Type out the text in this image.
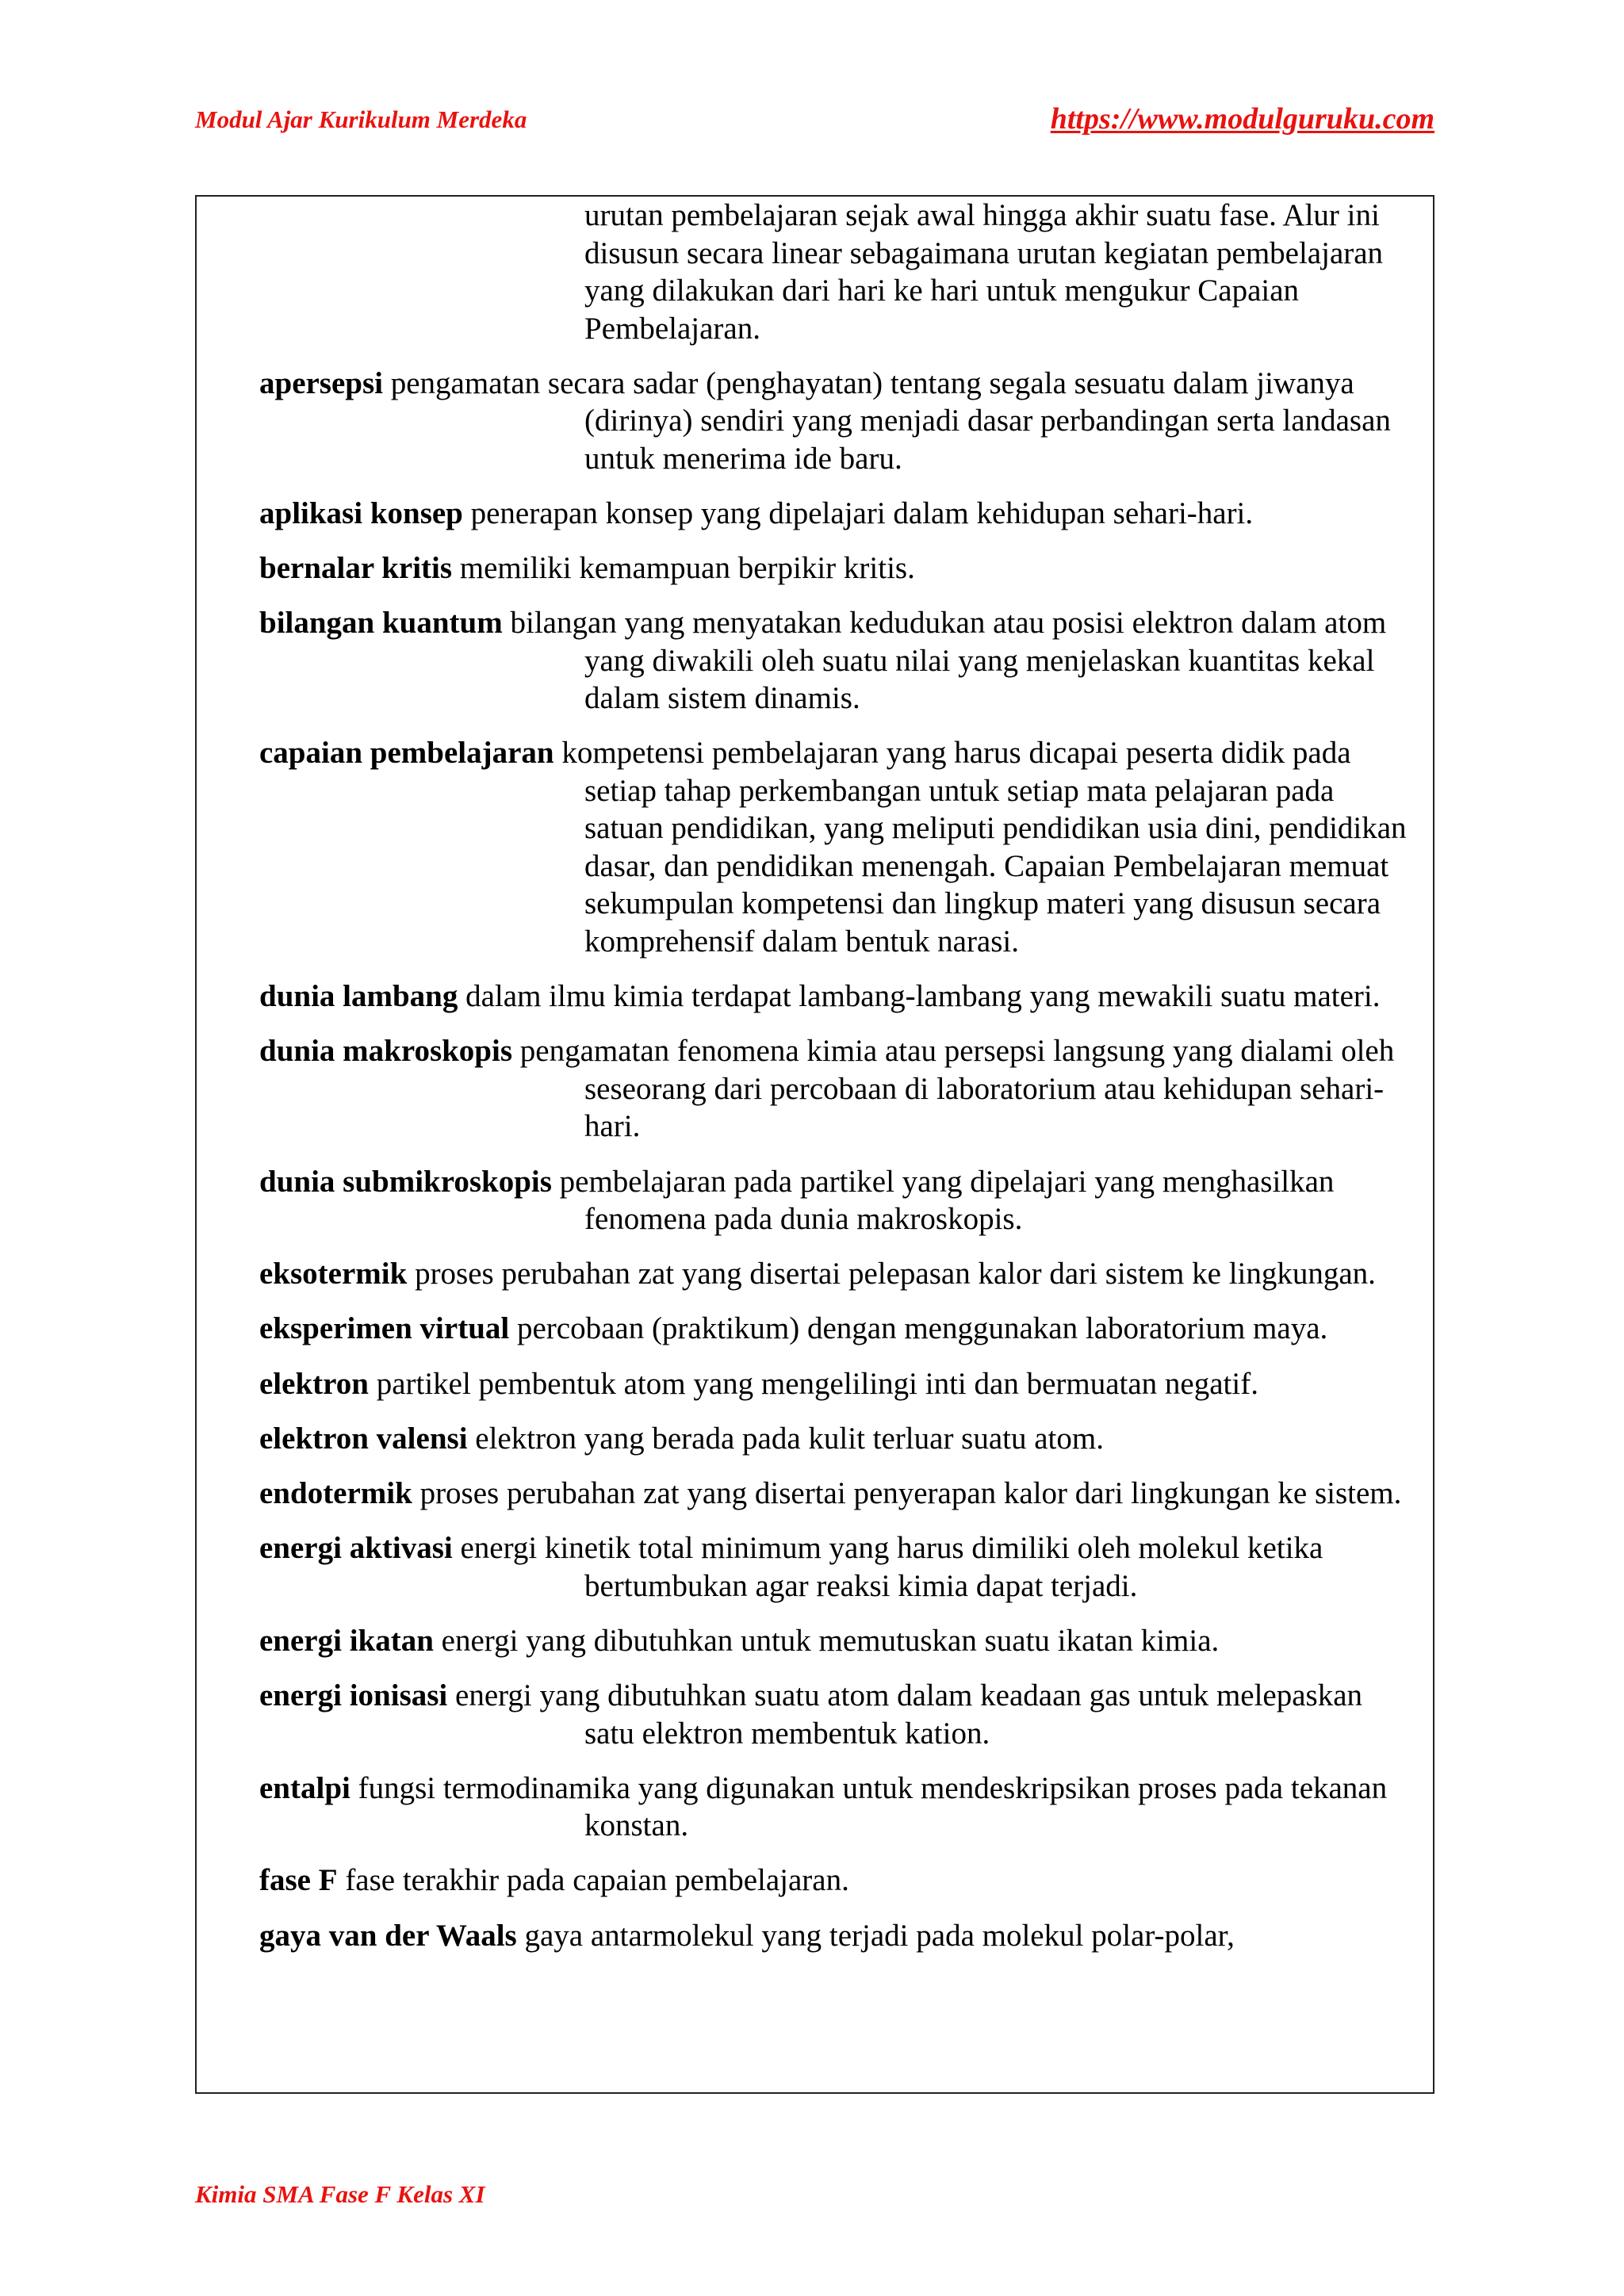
Modul Ajar Kurikulum Merdeka	https://www.modulguruku.com
urutan pembelajaran sejak awal hingga akhir suatu fase. Alur ini disusun secara linear sebagaimana urutan kegiatan pembelajaran yang dilakukan dari hari ke hari untuk mengukur Capaian Pembelajaran.
apersepsi pengamatan secara sadar (penghayatan) tentang segala sesuatu dalam jiwanya (dirinya) sendiri yang menjadi dasar perbandingan serta landasan untuk menerima ide baru.
aplikasi konsep penerapan konsep yang dipelajari dalam kehidupan sehari-hari.
bernalar kritis memiliki kemampuan berpikir kritis.
bilangan kuantum bilangan yang menyatakan kedudukan atau posisi elektron dalam atom yang diwakili oleh suatu nilai yang menjelaskan kuantitas kekal dalam sistem dinamis.
capaian pembelajaran kompetensi pembelajaran yang harus dicapai peserta didik pada setiap tahap perkembangan untuk setiap mata pelajaran pada satuan pendidikan, yang meliputi pendidikan usia dini, pendidikan dasar, dan pendidikan menengah. Capaian Pembelajaran memuat sekumpulan kompetensi dan lingkup materi yang disusun secara komprehensif dalam bentuk narasi.
dunia lambang dalam ilmu kimia terdapat lambang-lambang yang mewakili suatu materi.
dunia makroskopis pengamatan fenomena kimia atau persepsi langsung yang dialami oleh seseorang dari percobaan di laboratorium atau kehidupan sehari-hari.
dunia submikroskopis pembelajaran pada partikel yang dipelajari yang menghasilkan fenomena pada dunia makroskopis.
eksotermik proses perubahan zat yang disertai pelepasan kalor dari sistem ke lingkungan.
eksperimen virtual percobaan (praktikum) dengan menggunakan laboratorium maya.
elektron partikel pembentuk atom yang mengelilingi inti dan bermuatan negatif.
elektron valensi elektron yang berada pada kulit terluar suatu atom.
endotermik proses perubahan zat yang disertai penyerapan kalor dari lingkungan ke sistem.
energi aktivasi energi kinetik total minimum yang harus dimiliki oleh molekul ketika bertumbukan agar reaksi kimia dapat terjadi.
energi ikatan energi yang dibutuhkan untuk memutuskan suatu ikatan kimia.
energi ionisasi energi yang dibutuhkan suatu atom dalam keadaan gas untuk melepaskan satu elektron membentuk kation.
entalpi fungsi termodinamika yang digunakan untuk mendeskripsikan proses pada tekanan konstan.
fase F fase terakhir pada capaian pembelajaran.
gaya van der Waals gaya antarmolekul yang terjadi pada molekul polar-polar,
Kimia SMA Fase F Kelas XI
